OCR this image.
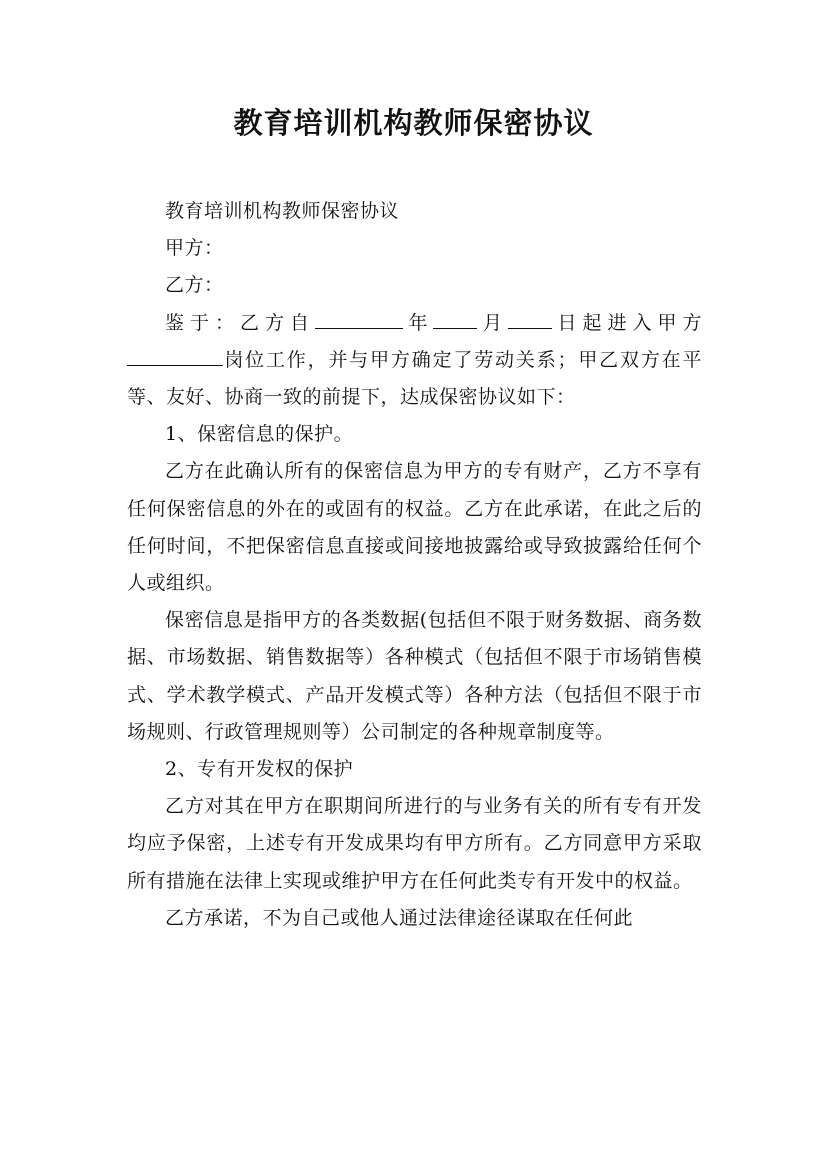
教育培训机构教师保密协议

教育培训机构教师保密协议

甲方：

乙方：

鉴于：乙方自	年 月 日起进入甲方岗位工作，并与甲方确定了劳动关系；甲乙双方在平等、友好、协商一致的前提下，达成保密协议如下：

1、保密信息的保护。

乙方在此确认所有的保密信息为甲方的专有财产，乙方不享有任何保密信息的外在的或固有的权益。乙方在此承诺，在此之后的任何时间，不把保密信息直接或间接地披露给或导致披露给任何个人或组织。

保密信息是指甲方的各类数据(包括但不限于财务数据、商务数据、市场数据、销售数据等）各种模式（包括但不限于市场销售模式、学术教学模式、产品开发模式等）各种方法（包括但不限于市场规则、行政管理规则等）公司制定的各种规章制度等。

2、专有开发权的保护

乙方对其在甲方在职期间所进行的与业务有关的所有专有开发均应予保密，上述专有开发成果均有甲方所有。乙方同意甲方采取所有措施在法律上实现或维护甲方在任何此类专有开发中的权益。

乙方承诺，不为自己或他人通过法律途径谋取在任何此
